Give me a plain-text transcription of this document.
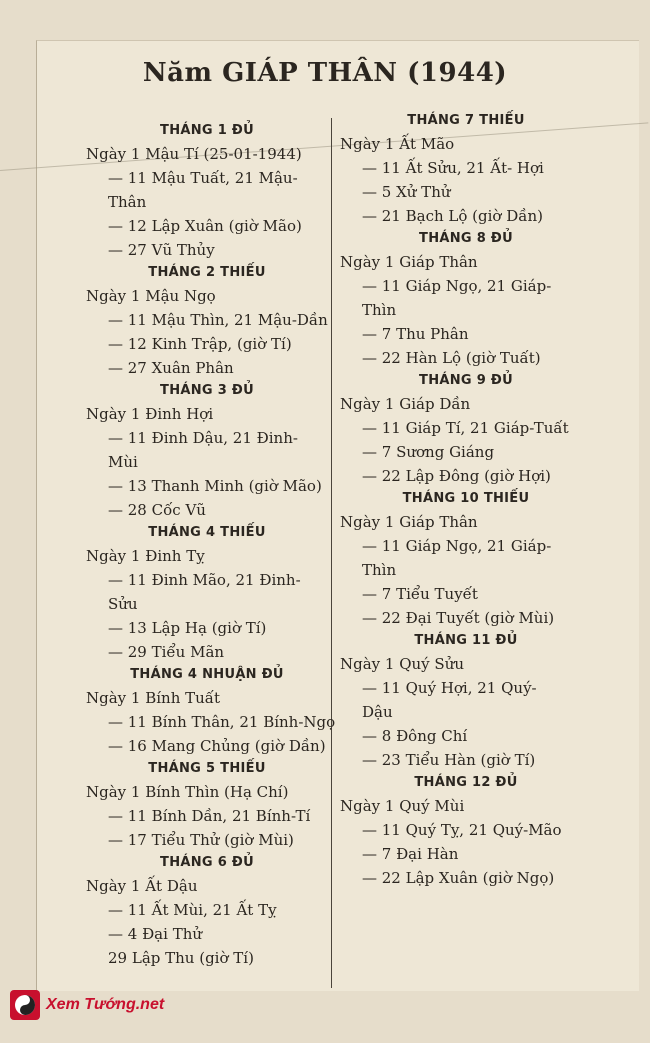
Năm GIÁP THÂN (1944)
THÁNG 1 ĐỦ
Ngày 1 Mậu Tí (25-01-1944)
— 11 Mậu Tuất, 21 Mậu-
Thân
— 12 Lập Xuân (giờ Mão)
— 27 Vũ Thủy
THÁNG 2 THIẾU
Ngày 1 Mậu Ngọ
— 11 Mậu Thìn, 21 Mậu-Dần
— 12 Kinh Trập, (giờ Tí)
— 27 Xuân Phân
THÁNG 3 ĐỦ
Ngày 1 Đinh Hợi
— 11 Đinh Dậu, 21 Đinh-
Mùi
— 13 Thanh Minh (giờ Mão)
— 28 Cốc Vũ
THÁNG 4 THIẾU
Ngày 1 Đinh Tỵ
— 11 Đinh Mão, 21 Đinh-
Sửu
— 13 Lập Hạ (giờ Tí)
— 29 Tiểu Mãn
THÁNG 4 NHUẬN ĐỦ
Ngày 1 Bính Tuất
— 11 Bính Thân, 21 Bính-Ngọ
— 16 Mang Chủng (giờ Dần)
THÁNG 5 THIẾU
Ngày 1 Bính Thìn (Hạ Chí)
— 11 Bính Dần, 21 Bính-Tí
— 17 Tiểu Thử (giờ Mùi)
THÁNG 6 ĐỦ
Ngày 1 Ất Dậu
— 11 Ất Mùi, 21 Ất Tỵ
— 4 Đại Thử
29 Lập Thu (giờ Tí)
THÁNG 7 THIẾU
Ngày 1 Ất Mão
— 11 Ất Sửu, 21 Ất- Hợi
— 5 Xử Thử
— 21 Bạch Lộ (giờ Dần)
THÁNG 8 ĐỦ
Ngày 1 Giáp Thân
— 11 Giáp Ngọ, 21 Giáp-
Thìn
— 7 Thu Phân
— 22 Hàn Lộ (giờ Tuất)
THÁNG 9 ĐỦ
Ngày 1 Giáp Dần
— 11 Giáp Tí, 21 Giáp-Tuất
— 7 Sương Giáng
— 22 Lập Đông (giờ Hợi)
THÁNG 10 THIẾU
Ngày 1 Giáp Thân
— 11 Giáp Ngọ, 21 Giáp-
Thìn
— 7 Tiểu Tuyết
— 22 Đại Tuyết (giờ Mùi)
THÁNG 11 ĐỦ
Ngày 1 Quý Sửu
— 11 Quý Hợi, 21 Quý-
Dậu
— 8 Đông Chí
— 23 Tiểu Hàn (giờ Tí)
THÁNG 12 ĐỦ
Ngày 1 Quý Mùi
— 11 Quý Tỵ, 21 Quý-Mão
— 7 Đại Hàn
— 22 Lập Xuân (giờ Ngọ)
Xem Tướng.net
